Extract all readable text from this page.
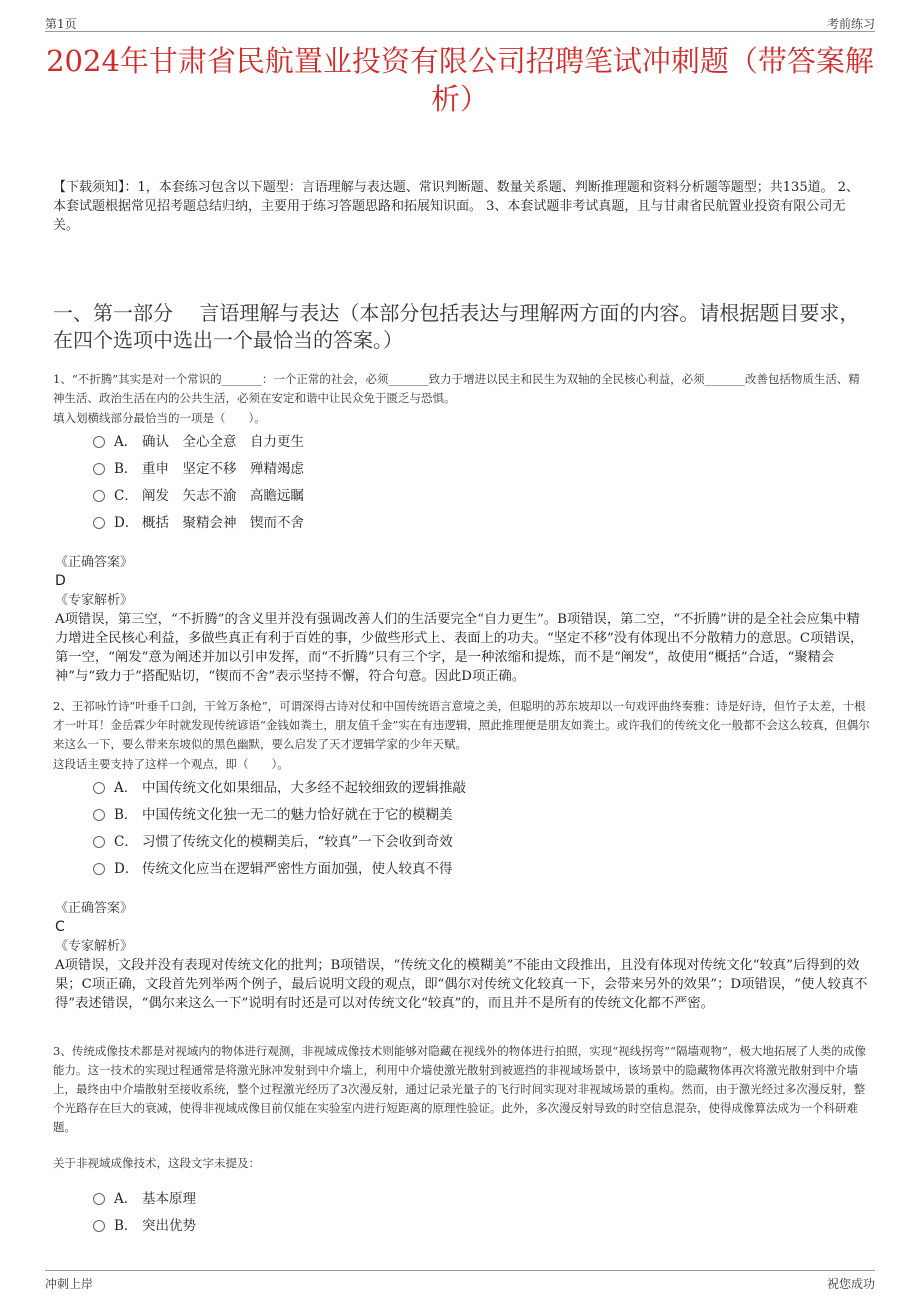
第1页	考前练习
2024年甘肃省民航置业投资有限公司招聘笔试冲刺题（带答案解析）
【下载须知】：1，本套练习包含以下题型：言语理解与表达题、常识判断题、数量关系题、判断推理题和资料分析题等题型；共135道。 2、本套试题根据常见招考题总结归纳，主要用于练习答题思路和拓展知识面。 3、本套试题非考试真题，且与甘肃省民航置业投资有限公司无关。
一、第一部分　 言语理解与表达（本部分包括表达与理解两方面的内容。请根据题目要求，在四个选项中选出一个最恰当的答案。）
1、“不折腾”其实是对一个常识的_______：一个正常的社会，必须_______致力于增进以民主和民生为双轴的全民核心利益，必须_______改善包括物质生活、精神生活、政治生活在内的公共生活，必须在安定和谐中让民众免于匮乏与恐惧。
填入划横线部分最恰当的一项是（　　）。
A． 确认　全心全意　自力更生
B． 重申　坚定不移　殚精竭虑
C． 阐发　矢志不渝　高瞻远瞩
D． 概括　聚精会神　锲而不舍
《正确答案》
D
《专家解析》
A项错误，第三空，“不折腾”的含义里并没有强调改善人们的生活要完全“自力更生”。B项错误，第二空，“不折腾”讲的是全社会应集中精力增进全民核心利益，多做些真正有利于百姓的事，少做些形式上、表面上的功夫。“坚定不移”没有体现出不分散精力的意思。C项错误，第一空，“阐发”意为阐述并加以引申发挥，而“不折腾”只有三个字，是一种浓缩和提炼，而不是“阐发”，故使用“概括”合适，“聚精会神”与“致力于”搭配贴切，“锲而不舍”表示坚持不懈，符合句意。因此D项正确。
2、王祁咏竹诗“叶垂千口剑，干耸万条枪”，可谓深得古诗对仗和中国传统语言意境之美，但聪明的苏东坡却以一句戏评曲终奏雅：诗是好诗，但竹子太差，十根才一叶耳！金岳霖少年时就发现传统谚语“金钱如粪土，朋友值千金”实在有违逻辑，照此推理便是朋友如粪土。或许我们的传统文化一般都不会这么较真，但偶尔来这么一下，要么带来东坡似的黑色幽默，要么启发了天才逻辑学家的少年天赋。
这段话主要支持了这样一个观点，即（　　）。
A． 中国传统文化如果细品，大多经不起较细致的逻辑推敲
B． 中国传统文化独一无二的魅力恰好就在于它的模糊美
C． 习惯了传统文化的模糊美后，“较真”一下会收到奇效
D． 传统文化应当在逻辑严密性方面加强，使人较真不得
《正确答案》
C
《专家解析》
A项错误，文段并没有表现对传统文化的批判；B项错误，“传统文化的模糊美”不能由文段推出，且没有体现对传统文化“较真”后得到的效果；C项正确，文段首先列举两个例子，最后说明文段的观点，即“偶尔对传统文化较真一下，会带来另外的效果”；D项错误，“使人较真不得”表述错误，“偶尔来这么一下”说明有时还是可以对传统文化“较真”的，而且并不是所有的传统文化都不严密。
3、传统成像技术都是对视域内的物体进行观测，非视域成像技术则能够对隐藏在视线外的物体进行拍照，实现“视线拐弯”“隔墙观物”，极大地拓展了人类的成像能力。这一技术的实现过程通常是将激光脉冲发射到中介墙上，利用中介墙使激光散射到被遮挡的非视域场景中，该场景中的隐藏物体再次将激光散射到中介墙上，最终由中介墙散射至接收系统，整个过程激光经历了3次漫反射，通过记录光量子的飞行时间实现对非视域场景的重构。然而，由于激光经过多次漫反射，整个光路存在巨大的衰减，使得非视域成像目前仅能在实验室内进行短距离的原理性验证。此外，多次漫反射导致的时空信息混杂，使得成像算法成为一个科研难题。
关于非视域成像技术，这段文字未提及：
A． 基本原理
B． 突出优势
冲刺上岸	祝您成功
